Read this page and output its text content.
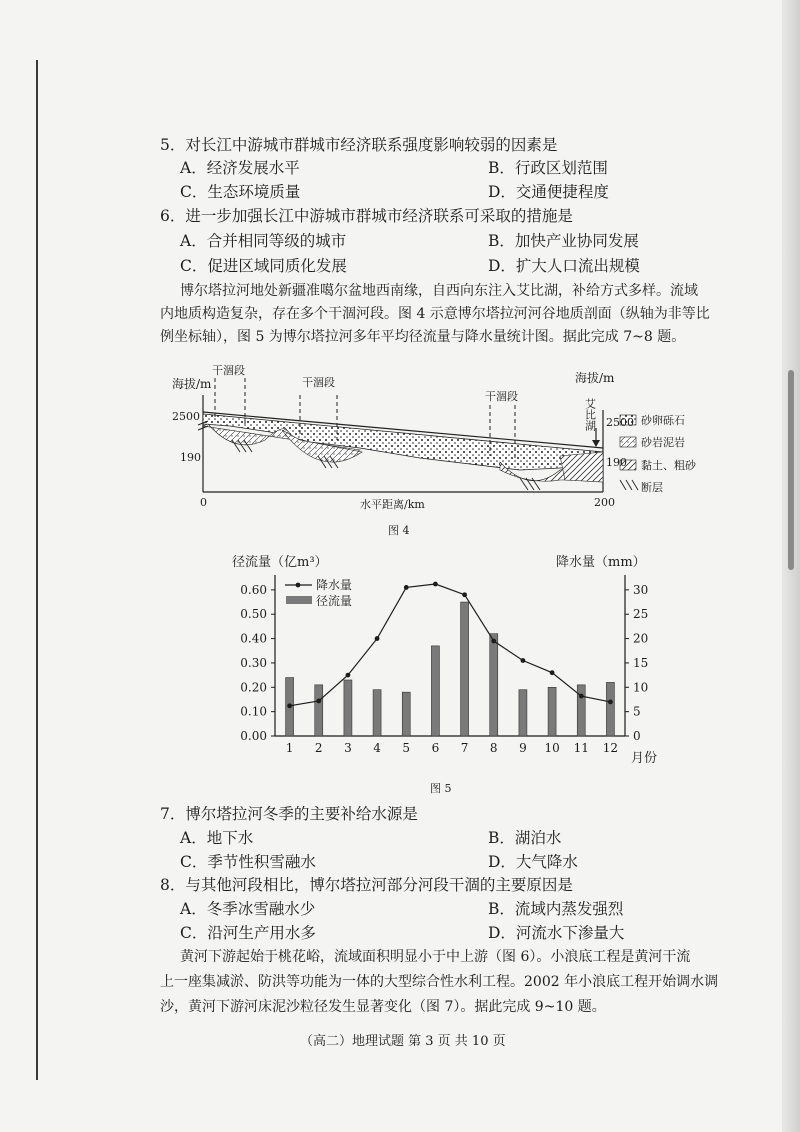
5．对长江中游城市群城市经济联系强度影响较弱的因素是
A．经济发展水平	B．行政区划范围
C．生态环境质量	D．交通便捷程度
6．进一步加强长江中游城市群城市经济联系可采取的措施是
A．合并相同等级的城市	B．加快产业协同发展
C．促进区域同质化发展	D．扩大人口流出规模
博尔塔拉河地处新疆准噶尔盆地西南缘，自西向东注入艾比湖，补给方式多样。流域
内地质构造复杂，存在多个干涸河段。图 4 示意博尔塔拉河河谷地质剖面（纵轴为非等比
例坐标轴），图 5 为博尔塔拉河多年平均径流量与降水量统计图。据此完成 7~8 题。
海拔/m	海拔/m
2500
190
2500
190
0	200
水平距离/km
干涸段
干涸段
干涸段
艾比湖	砂卵砾石
砂岩泥岩
黏土、粗砂
断层
图 4
径流量（亿m³）	降水量（mm）
0.00
0.10
0.20
0.30
0.40
0.50
0.60
0
5
10
15
20
25
30
1 2 3 4 5 6 7 8 9 10 11 12
降水量
径流量
月份
图 5
7．博尔塔拉河冬季的主要补给水源是
A．地下水	B．湖泊水
C．季节性积雪融水	D．大气降水
8．与其他河段相比，博尔塔拉河部分河段干涸的主要原因是
A．冬季冰雪融水少	B．流域内蒸发强烈
C．沿河生产用水多	D．河流水下渗量大
黄河下游起始于桃花峪，流域面积明显小于中上游（图 6）。小浪底工程是黄河干流
上一座集减淤、防洪等功能为一体的大型综合性水利工程。2002 年小浪底工程开始调水调
沙，黄河下游河床泥沙粒径发生显著变化（图 7）。据此完成 9~10 题。
（高二）地理试题 第 3 页 共 10 页
